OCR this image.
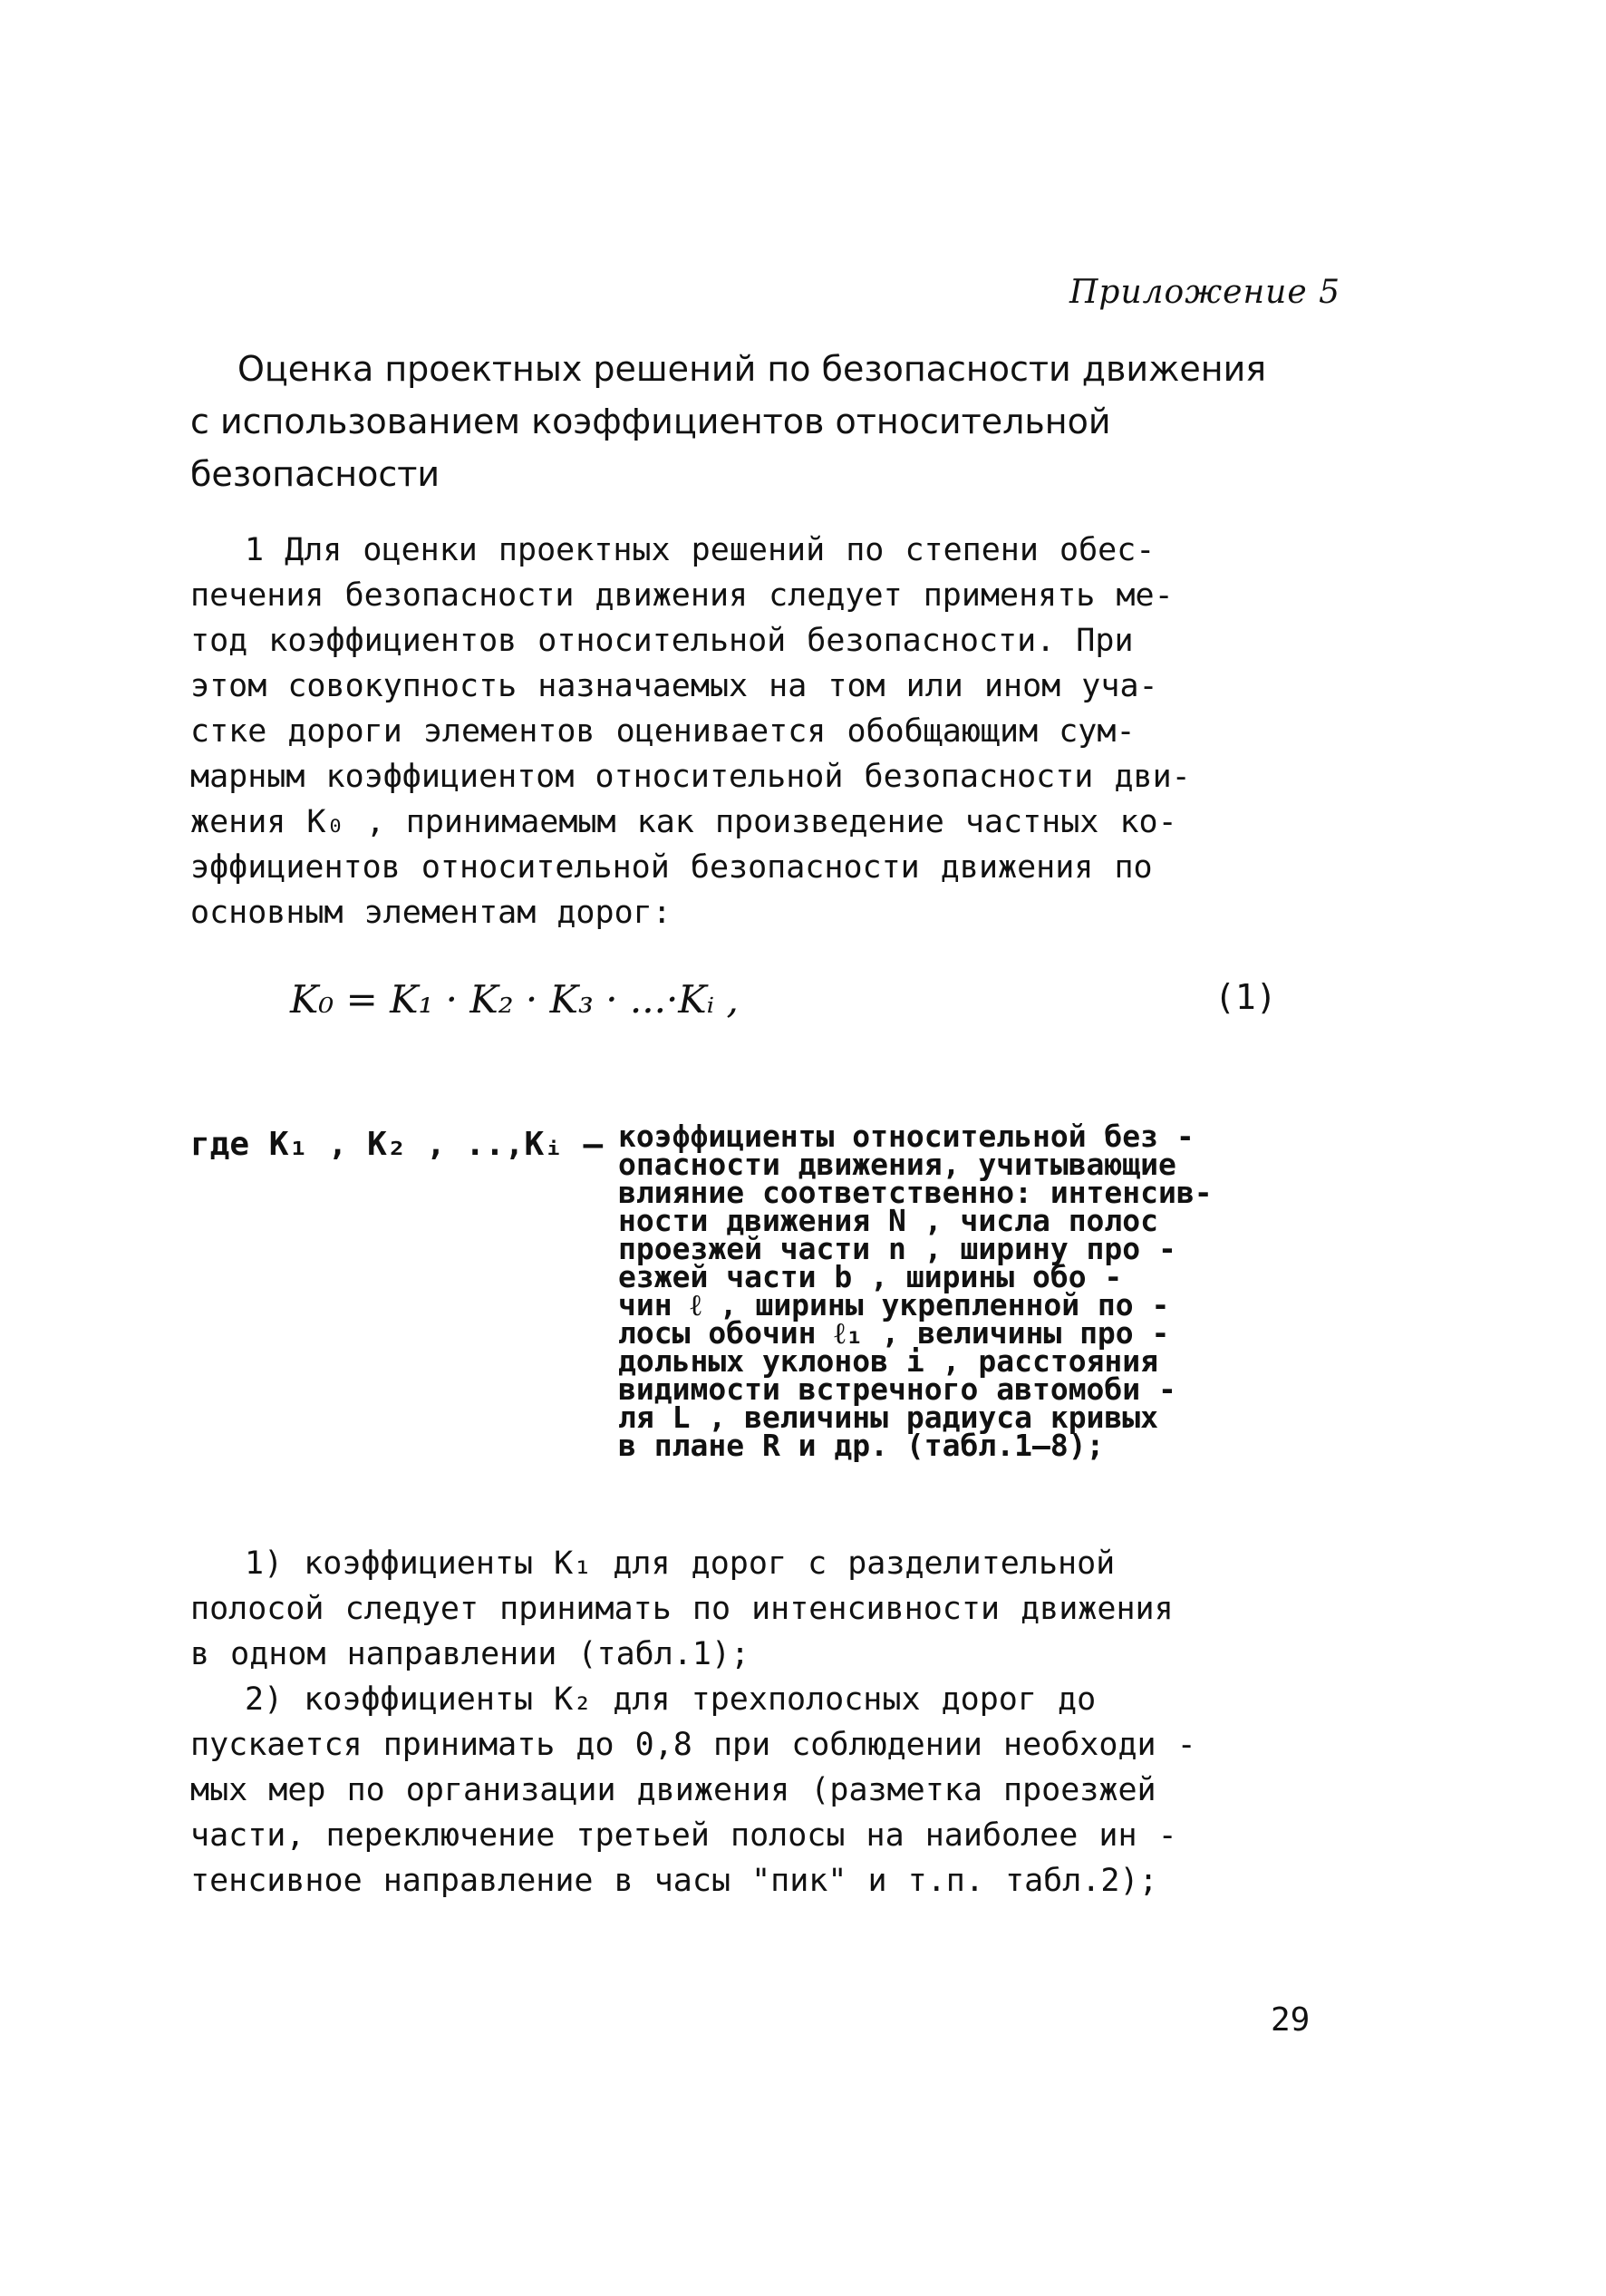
Приложение 5
Оценка проектных решений по безопасности движения
с использованием коэффициентов относительной безопасности
1 Для оценки проектных решений по степени обес-
печения безопасности движения следует применять ме-
тод коэффициентов относительной безопасности. При
этом совокупность назначаемых на том или ином уча-
стке дороги элементов оценивается обобщающим сум-
марным коэффициентом относительной безопасности дви-
жения K₀ , принимаемым как произведение частных ко-
эффициентов относительной безопасности движения по
основным элементам дорог:
K₀ = K₁ · K₂ · K₃ · ...·Kᵢ ,	(1)
где K₁ , K₂ , ..,Kᵢ – коэффициенты относительной без -
опасности движения, учитывающие
влияние соответственно: интенсив-
ности движения N , числа полос
проезжей части n , ширину про -
езжей части b , ширины обо -
чин ℓ , ширины укрепленной по -
лосы обочин ℓ₁ , величины про -
дольных уклонов i , расстояния
видимости встречного автомоби -
ля L , величины радиуса кривых
в плане R и др. (табл.1–8);
1) коэффициенты K₁ для дорог с разделительной
полосой следует принимать по интенсивности движения
в одном направлении (табл.1);
2) коэффициенты K₂ для трехполосных дорог до
пускается принимать до 0,8 при соблюдении необходи -
мых мер по организации движения (разметка проезжей
части, переключение третьей полосы на наиболее ин -
тенсивное направление в часы "пик" и т.п. табл.2);
29
